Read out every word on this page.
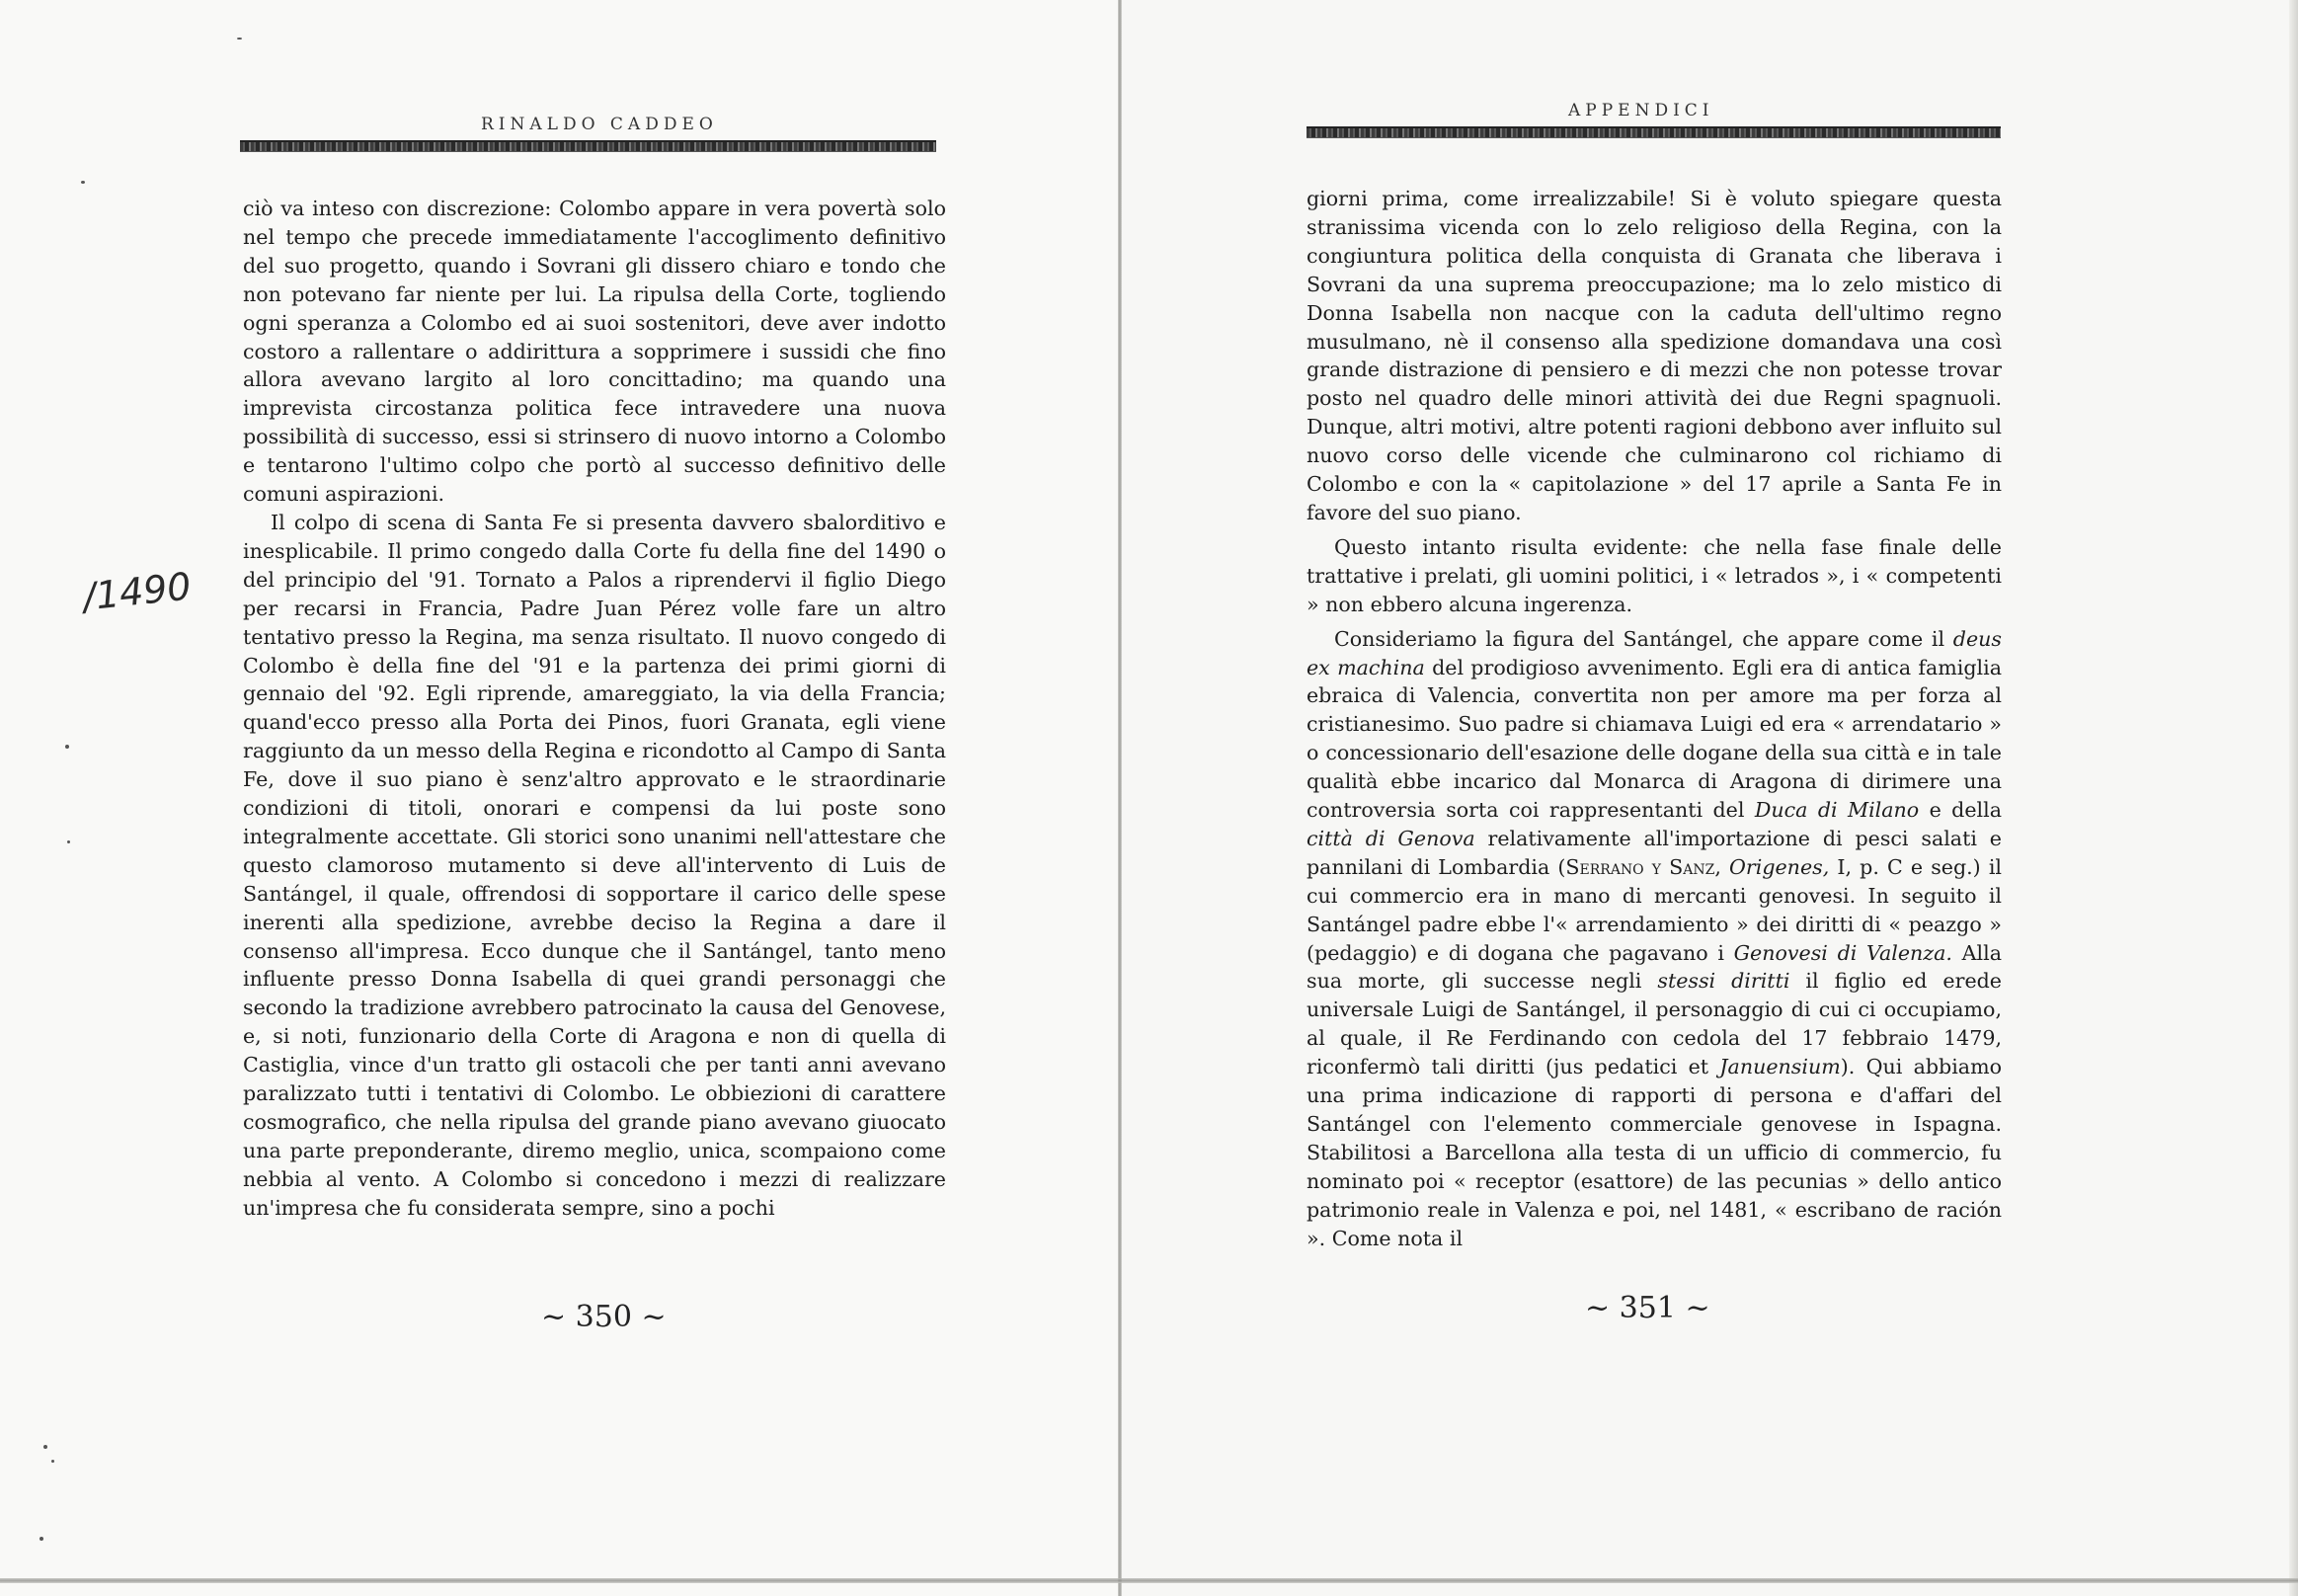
RINALDO CADDEO
/1490

ciò va inteso con discrezione: Colombo appare in vera povertà solo nel tempo che precede immediatamente l'accoglimento definitivo del suo progetto, quando i Sovrani gli dissero chiaro e tondo che non potevano far niente per lui. La ripulsa della Corte, togliendo ogni speranza a Colombo ed ai suoi sostenitori, deve aver indotto costoro a rallentare o addirittura a sopprimere i sussidi che fino allora avevano largito al loro concittadino; ma quando una imprevista circostanza politica fece intravedere una nuova possibilità di successo, essi si strinsero di nuovo intorno a Colombo e tentarono l'ultimo colpo che portò al successo definitivo delle comuni aspirazioni.

Il colpo di scena di Santa Fe si presenta davvero sbalorditivo e inesplicabile. Il primo congedo dalla Corte fu della fine del 1490 o del principio del '91. Tornato a Palos a riprendervi il figlio Diego per recarsi in Francia, Padre Juan Pérez volle fare un altro tentativo presso la Regina, ma senza risultato. Il nuovo congedo di Colombo è della fine del '91 e la partenza dei primi giorni di gennaio del '92. Egli riprende, amareggiato, la via della Francia; quand'ecco presso alla Porta dei Pinos, fuori Granata, egli viene raggiunto da un messo della Regina e ricondotto al Campo di Santa Fe, dove il suo piano è senz'altro approvato e le straordinarie condizioni di titoli, onorari e compensi da lui poste sono integralmente accettate. Gli storici sono unanimi nell'attestare che questo clamoroso mutamento si deve all'intervento di Luis de Santángel, il quale, offrendosi di sopportare il carico delle spese inerenti alla spedizione, avrebbe deciso la Regina a dare il consenso all'impresa. Ecco dunque che il Santángel, tanto meno influente presso Donna Isabella di quei grandi personaggi che secondo la tradizione avrebbero patrocinato la causa del Genovese, e, si noti, funzionario della Corte di Aragona e non di quella di Castiglia, vince d'un tratto gli ostacoli che per tanti anni avevano paralizzato tutti i tentativi di Colombo. Le obbiezioni di carattere cosmografico, che nella ripulsa del grande piano avevano giuocato una parte preponderante, diremo meglio, unica, scompaiono come nebbia al vento. A Colombo si concedono i mezzi di realizzare un'impresa che fu considerata sempre, sino a pochi

~ 350 ~
APPENDICI

giorni prima, come irrealizzabile! Si è voluto spiegare questa stranissima vicenda con lo zelo religioso della Regina, con la congiuntura politica della conquista di Granata che liberava i Sovrani da una suprema preoccupazione; ma lo zelo mistico di Donna Isabella non nacque con la caduta dell'ultimo regno musulmano, nè il consenso alla spedizione domandava una così grande distrazione di pensiero e di mezzi che non potesse trovar posto nel quadro delle minori attività dei due Regni spagnuoli. Dunque, altri motivi, altre potenti ragioni debbono aver influito sul nuovo corso delle vicende che culminarono col richiamo di Colombo e con la « capitolazione » del 17 aprile a Santa Fe in favore del suo piano.

Questo intanto risulta evidente: che nella fase finale delle trattative i prelati, gli uomini politici, i « letrados », i « competenti » non ebbero alcuna ingerenza.

Consideriamo la figura del Santángel, che appare come il deus ex machina del prodigioso avvenimento. Egli era di antica famiglia ebraica di Valencia, convertita non per amore ma per forza al cristianesimo. Suo padre si chiamava Luigi ed era « arrendatario » o concessionario dell'esazione delle dogane della sua città e in tale qualità ebbe incarico dal Monarca di Aragona di dirimere una controversia sorta coi rappresentanti del Duca di Milano e della città di Genova relativamente all'importazione di pesci salati e pannilani di Lombardia (Serrano y Sanz, Origenes, I, p. C e seg.) il cui commercio era in mano di mercanti genovesi. In seguito il Santángel padre ebbe l'« arrendamiento » dei diritti di « peazgo » (pedaggio) e di dogana che pagavano i Genovesi di Valenza. Alla sua morte, gli successe negli stessi diritti il figlio ed erede universale Luigi de Santángel, il personaggio di cui ci occupiamo, al quale, il Re Ferdinando con cedola del 17 febbraio 1479, riconfermò tali diritti (jus pedatici et Januensium). Qui abbiamo una prima indicazione di rapporti di persona e d'affari del Santángel con l'elemento commerciale genovese in Ispagna. Stabilitosi a Barcellona alla testa di un ufficio di commercio, fu nominato poi « receptor (esattore) de las pecunias » dello antico patrimonio reale in Valenza e poi, nel 1481, « escribano de ración ». Come nota il

~ 351 ~
